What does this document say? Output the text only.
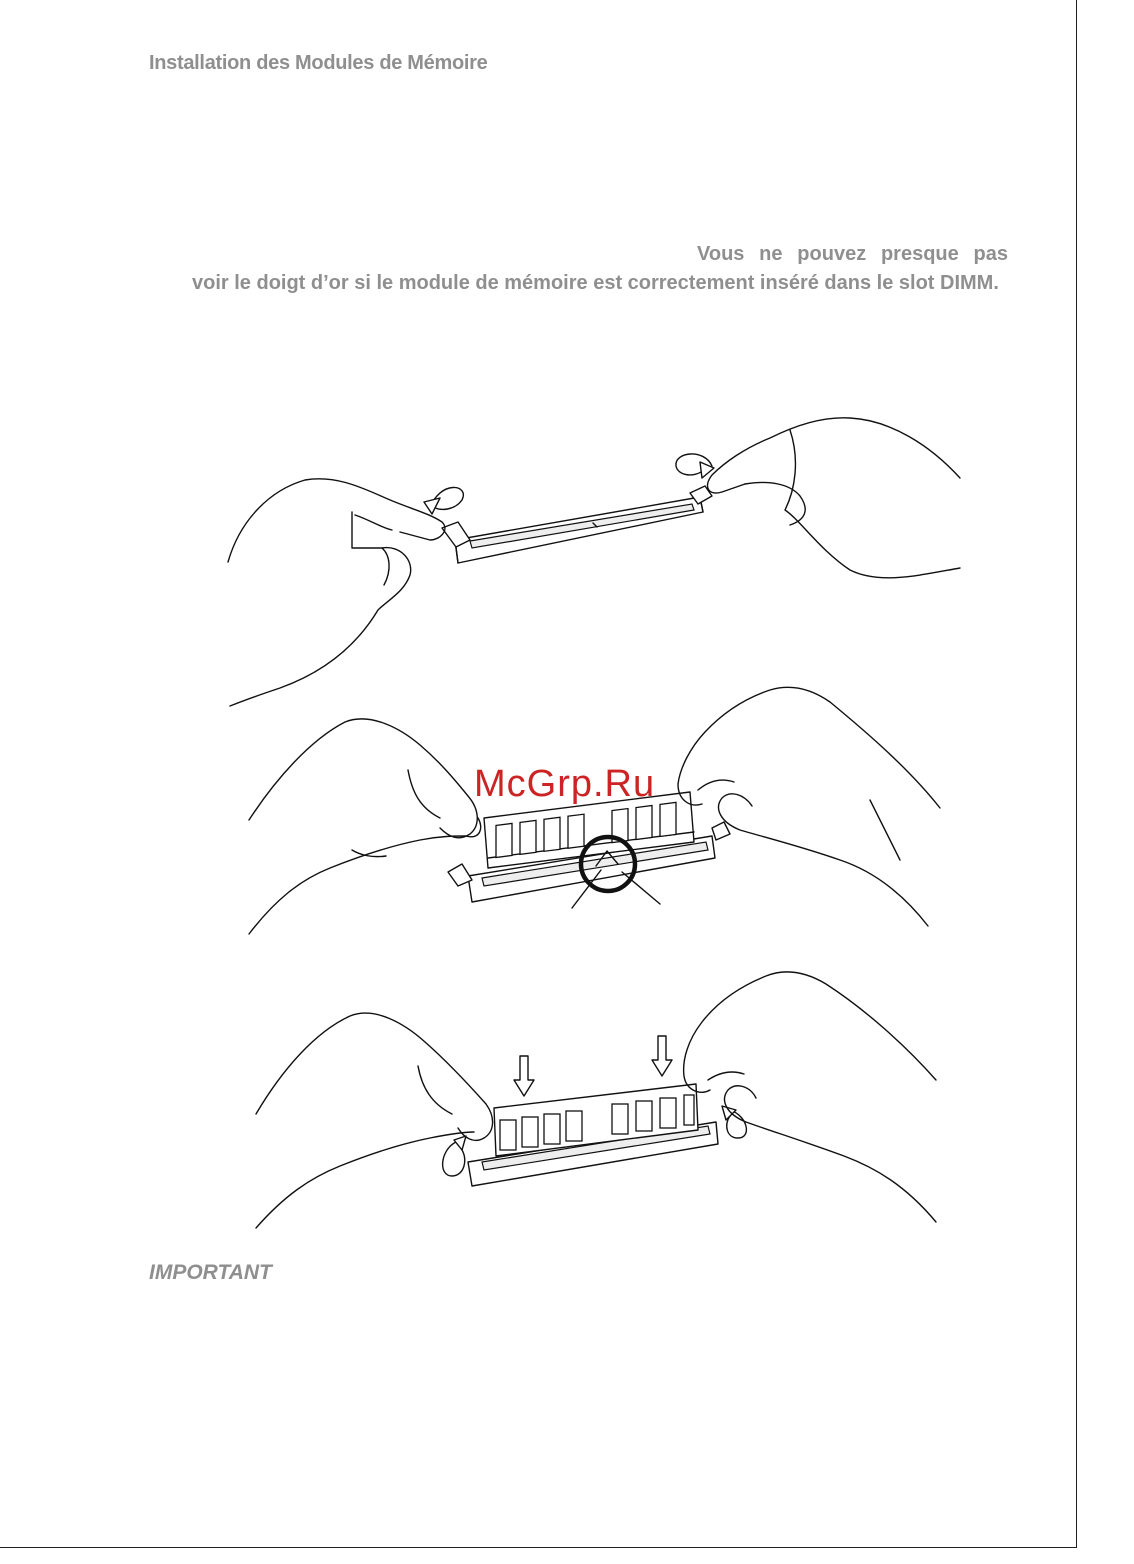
Installation des Modules de Mémoire

Vous ne pouvez presque pas voir le doigt d’or si le module de mémoire est correctement inséré dans le slot DIMM.

McGrp.Ru
IMPORTANT
